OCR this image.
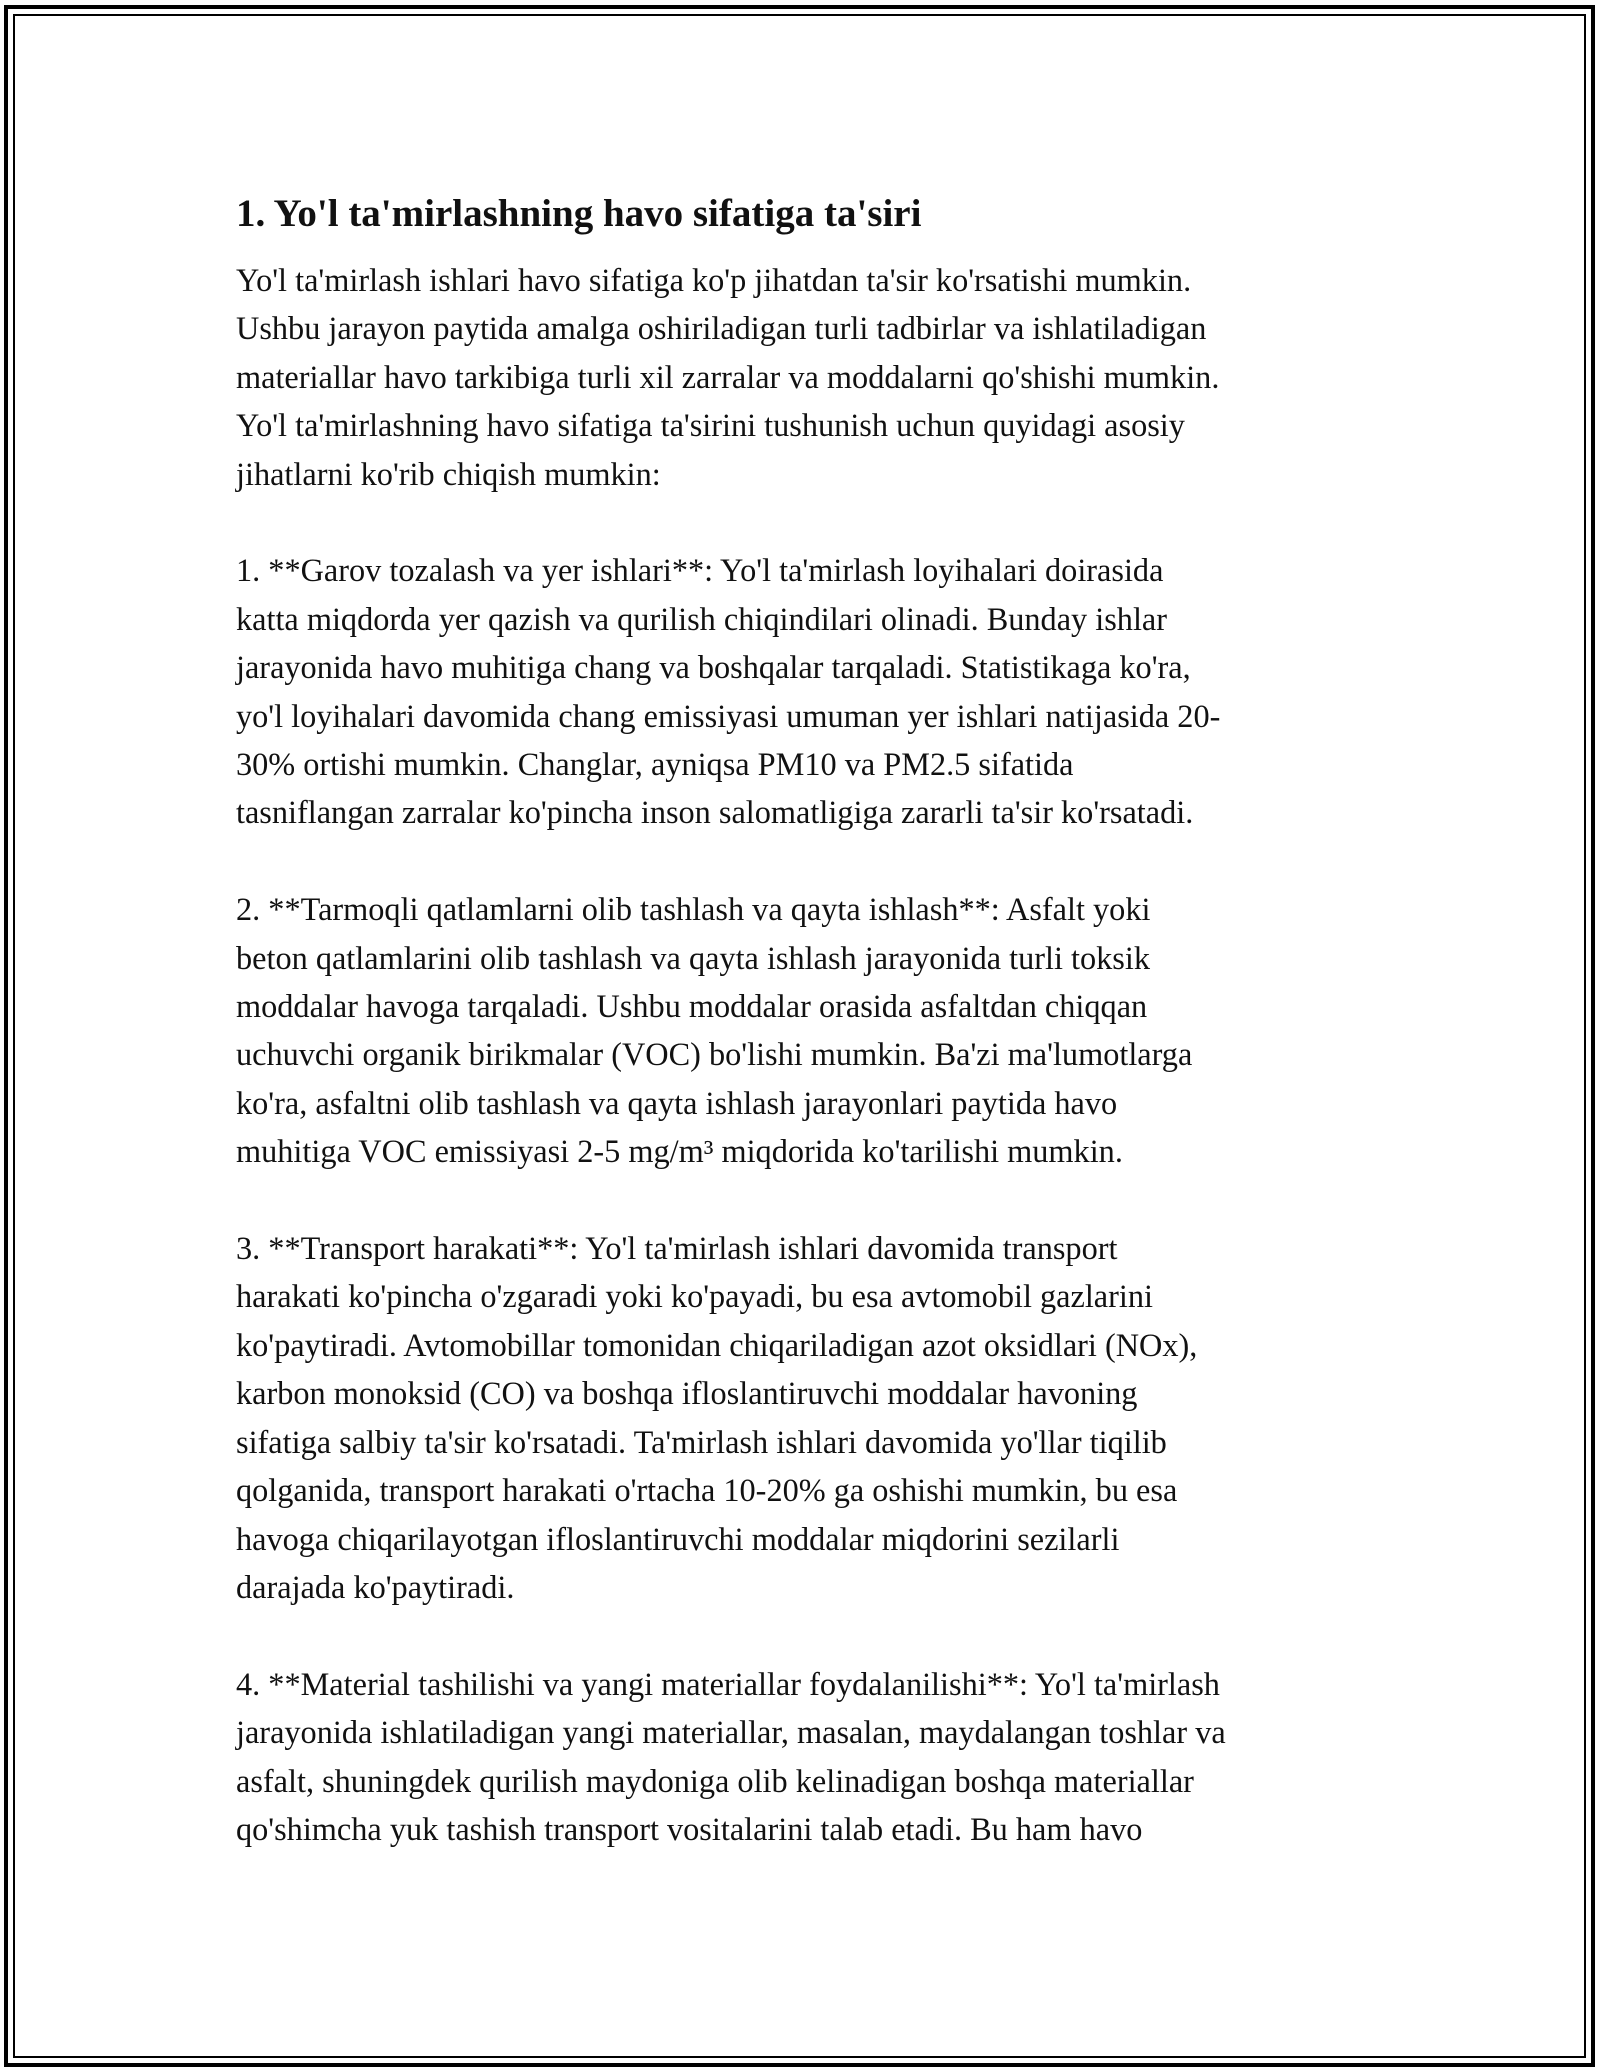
1. Yo'l ta'mirlashning havo sifatiga ta'siri

Yo'l ta'mirlash ishlari havo sifatiga ko'p jihatdan ta'sir ko'rsatishi mumkin.
Ushbu jarayon paytida amalga oshiriladigan turli tadbirlar va ishlatiladigan
materiallar havo tarkibiga turli xil zarralar va moddalarni qo'shishi mumkin.
Yo'l ta'mirlashning havo sifatiga ta'sirini tushunish uchun quyidagi asosiy
jihatlarni ko'rib chiqish mumkin:

1. **Garov tozalash va yer ishlari**: Yo'l ta'mirlash loyihalari doirasida
katta miqdorda yer qazish va qurilish chiqindilari olinadi. Bunday ishlar
jarayonida havo muhitiga chang va boshqalar tarqaladi. Statistikaga ko'ra,
yo'l loyihalari davomida chang emissiyasi umuman yer ishlari natijasida 20-
30% ortishi mumkin. Changlar, ayniqsa PM10 va PM2.5 sifatida
tasniflangan zarralar ko'pincha inson salomatligiga zararli ta'sir ko'rsatadi.

2. **Tarmoqli qatlamlarni olib tashlash va qayta ishlash**: Asfalt yoki
beton qatlamlarini olib tashlash va qayta ishlash jarayonida turli toksik
moddalar havoga tarqaladi. Ushbu moddalar orasida asfaltdan chiqqan
uchuvchi organik birikmalar (VOC) bo'lishi mumkin. Ba'zi ma'lumotlarga
ko'ra, asfaltni olib tashlash va qayta ishlash jarayonlari paytida havo
muhitiga VOC emissiyasi 2-5 mg/m³ miqdorida ko'tarilishi mumkin.

3. **Transport harakati**: Yo'l ta'mirlash ishlari davomida transport
harakati ko'pincha o'zgaradi yoki ko'payadi, bu esa avtomobil gazlarini
ko'paytiradi. Avtomobillar tomonidan chiqariladigan azot oksidlari (NOx),
karbon monoksid (CO) va boshqa ifloslantiruvchi moddalar havoning
sifatiga salbiy ta'sir ko'rsatadi. Ta'mirlash ishlari davomida yo'llar tiqilib
qolganida, transport harakati o'rtacha 10-20% ga oshishi mumkin, bu esa
havoga chiqarilayotgan ifloslantiruvchi moddalar miqdorini sezilarli
darajada ko'paytiradi.

4. **Material tashilishi va yangi materiallar foydalanilishi**: Yo'l ta'mirlash
jarayonida ishlatiladigan yangi materiallar, masalan, maydalangan toshlar va
asfalt, shuningdek qurilish maydoniga olib kelinadigan boshqa materiallar
qo'shimcha yuk tashish transport vositalarini talab etadi. Bu ham havo
